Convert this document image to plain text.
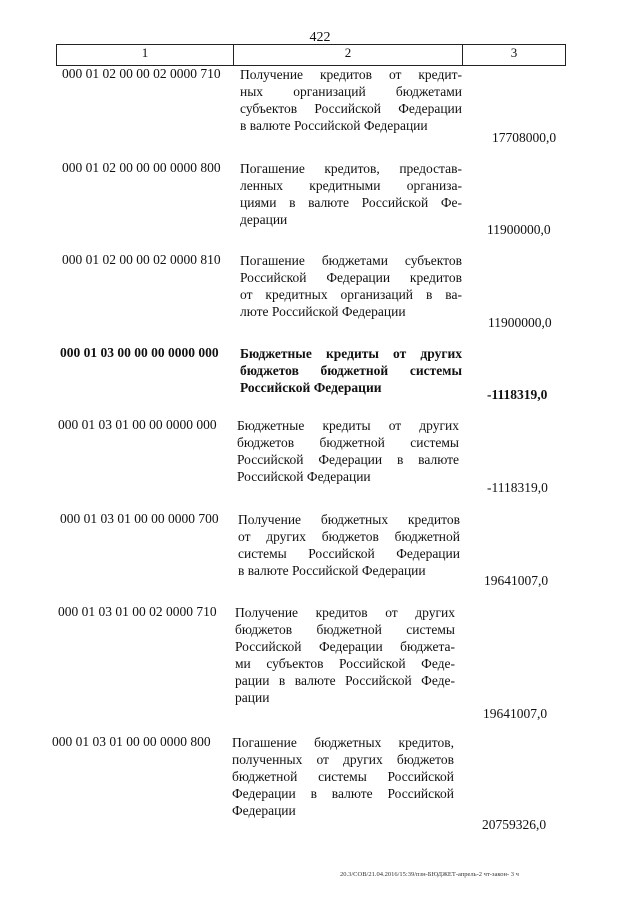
422
1	2	3
000 01 02 00 00 02 0000 710 Получение кредитов от кредит-
ных организаций бюджетами
субъектов Российской Федерации
в валюте Российской Федерации
17708000,0
000 01 02 00 00 00 0000 800 Погашение кредитов, предостав-
ленных кредитными организа-
циями в валюте Российской Фе-
дерации
11900000,0
000 01 02 00 00 02 0000 810 Погашение бюджетами субъектов
Российской Федерации кредитов
от кредитных организаций в ва-
люте Российской Федерации
11900000,0
000 01 03 00 00 00 0000 000 Бюджетные кредиты от других
бюджетов бюджетной системы
Российской Федерации	-1118319,0
000 01 03 01 00 00 0000 000 Бюджетные кредиты от других
бюджетов бюджетной системы
Российской Федерации в валюте
Российской Федерации
-1118319,0
000 01 03 01 00 00 0000 700 Получение бюджетных кредитов
от других бюджетов бюджетной
системы Российской Федерации
в валюте Российской Федерации
19641007,0
000 01 03 01 00 02 0000 710 Получение кредитов от других
бюджетов бюджетной системы
Российской Федерации бюджета-
ми субъектов Российской Феде-
рации в валюте Российской Феде-
рации
19641007,0
000 01 03 01 00 00 0000 800 Погашение бюджетных кредитов,
полученных от других бюджетов
бюджетной системы Российской
Федерации в валюте Российской
Федерации
20759326,0
20.3/СОВ/21.04.2016/15:39/пзн-БЮДЖЕТ-апрель-2 чт-закон- 3 ч
